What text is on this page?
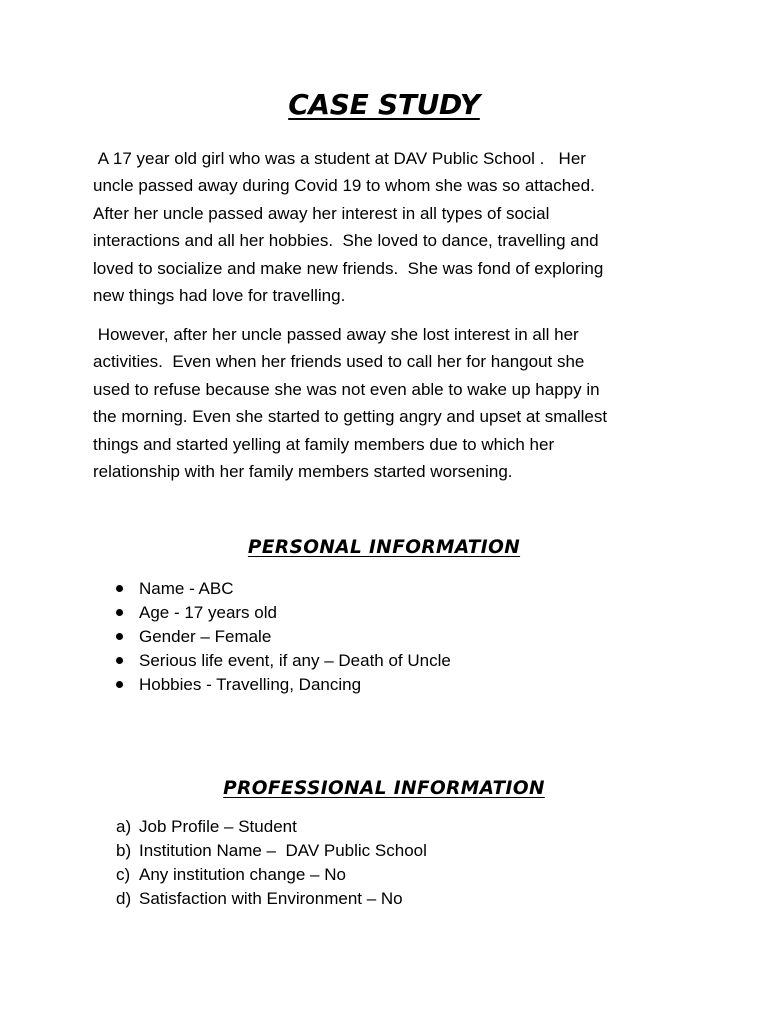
CASE STUDY

A 17 year old girl who was a student at DAV Public School .   Her
uncle passed away during Covid 19 to whom she was so attached.
After her uncle passed away her interest in all types of social
interactions and all her hobbies.  She loved to dance, travelling and
loved to socialize and make new friends.  She was fond of exploring
new things had love for travelling.

However, after her uncle passed away she lost interest in all her
activities.  Even when her friends used to call her for hangout she
used to refuse because she was not even able to wake up happy in
the morning. Even she started to getting angry and upset at smallest
things and started yelling at family members due to which her
relationship with her family members started worsening.

PERSONAL INFORMATION
Name - ABC
Age - 17 years old
Gender – Female
Serious life event, if any – Death of Uncle
Hobbies - Travelling, Dancing
PROFESSIONAL INFORMATION
a) Job Profile – Student
b) Institution Name –  DAV Public School
c) Any institution change – No
d) Satisfaction with Environment – No
